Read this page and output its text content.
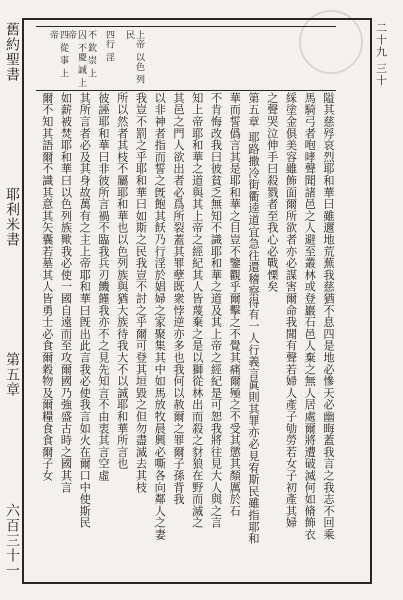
舊約聖書
耶利米書
第五章
六百三十一
二十九 三十
上帝 以色 列民
四行 淫
不 欽 崇 上
囚 不慶 誠 上帝
四 從 事 上 帝
隘其慈殍哀烈耶和華曰雖邇地荒蕪我慈猶不息四是地必慘天必幽晦蓋我言之我志不回乘
馬騎弓者咆哮聲聞諸邑之人避至叢林或登巖石邑人棄之無人居處爾將遭破滅何如脩飾衣
綵塗金俱美容雖飾面爾所欲者亦必謀害爾命我聞有聲若婦人產子劬勞若女子初產其婦
之聲哭泣伸手曰殺戮者至我心必戰慄矣
第五章 耶路撒冷街衢逵道宜急往還稽察得有一人行義言眞則其罪亦必見宥斯民雖指耶和
華而誓僞言其是耶和華之目豈不鑒觀乎爾擊之不覺其痛爾殛之不受其懲其顏厲於石
不肯悔改我曰彼貧乏無知不識耶和華之道及其上帝之經紀是可恕我將往見大人與之言
知上帝耶和華之道與其上帝之經紀其人皆蔑棄之是以獅從林出而殺之豺狼在野而滅之
其邑之門人欲出者必爲所裂蓋其罪孽既衆悖逆亦多也我何以赦爾之罪爾子孫背我
以非神者指而誓之旣飽其飫乃行淫於娼婦之家聚集其中如馬放牧晨興必嘶各向鄰人之妻
我豈不罰之乎耶和華曰如斯之民我豈不討之乎爾可登其垣毀之但勿盡滅去其枝
所以然者其枝不屬耶和華也以色列族與猶大族待我大不以誠耶和華所言也
彼誣耶和華曰非彼所言禍不臨我兵刃饑饉我亦不之見先知言不由衷其言空虛
其所言者必及其身故萬有之主上帝耶和華曰旣出此言我必使我言如火在爾口中使斯民
如薪被焚耶和華曰以色列族歟我必使一國自遠而至攻爾國乃強盛古時之國其言
爾不知其語爾不識其意其矢囊若墓其人皆勇士必食爾穀物及爾糧食食爾子女
